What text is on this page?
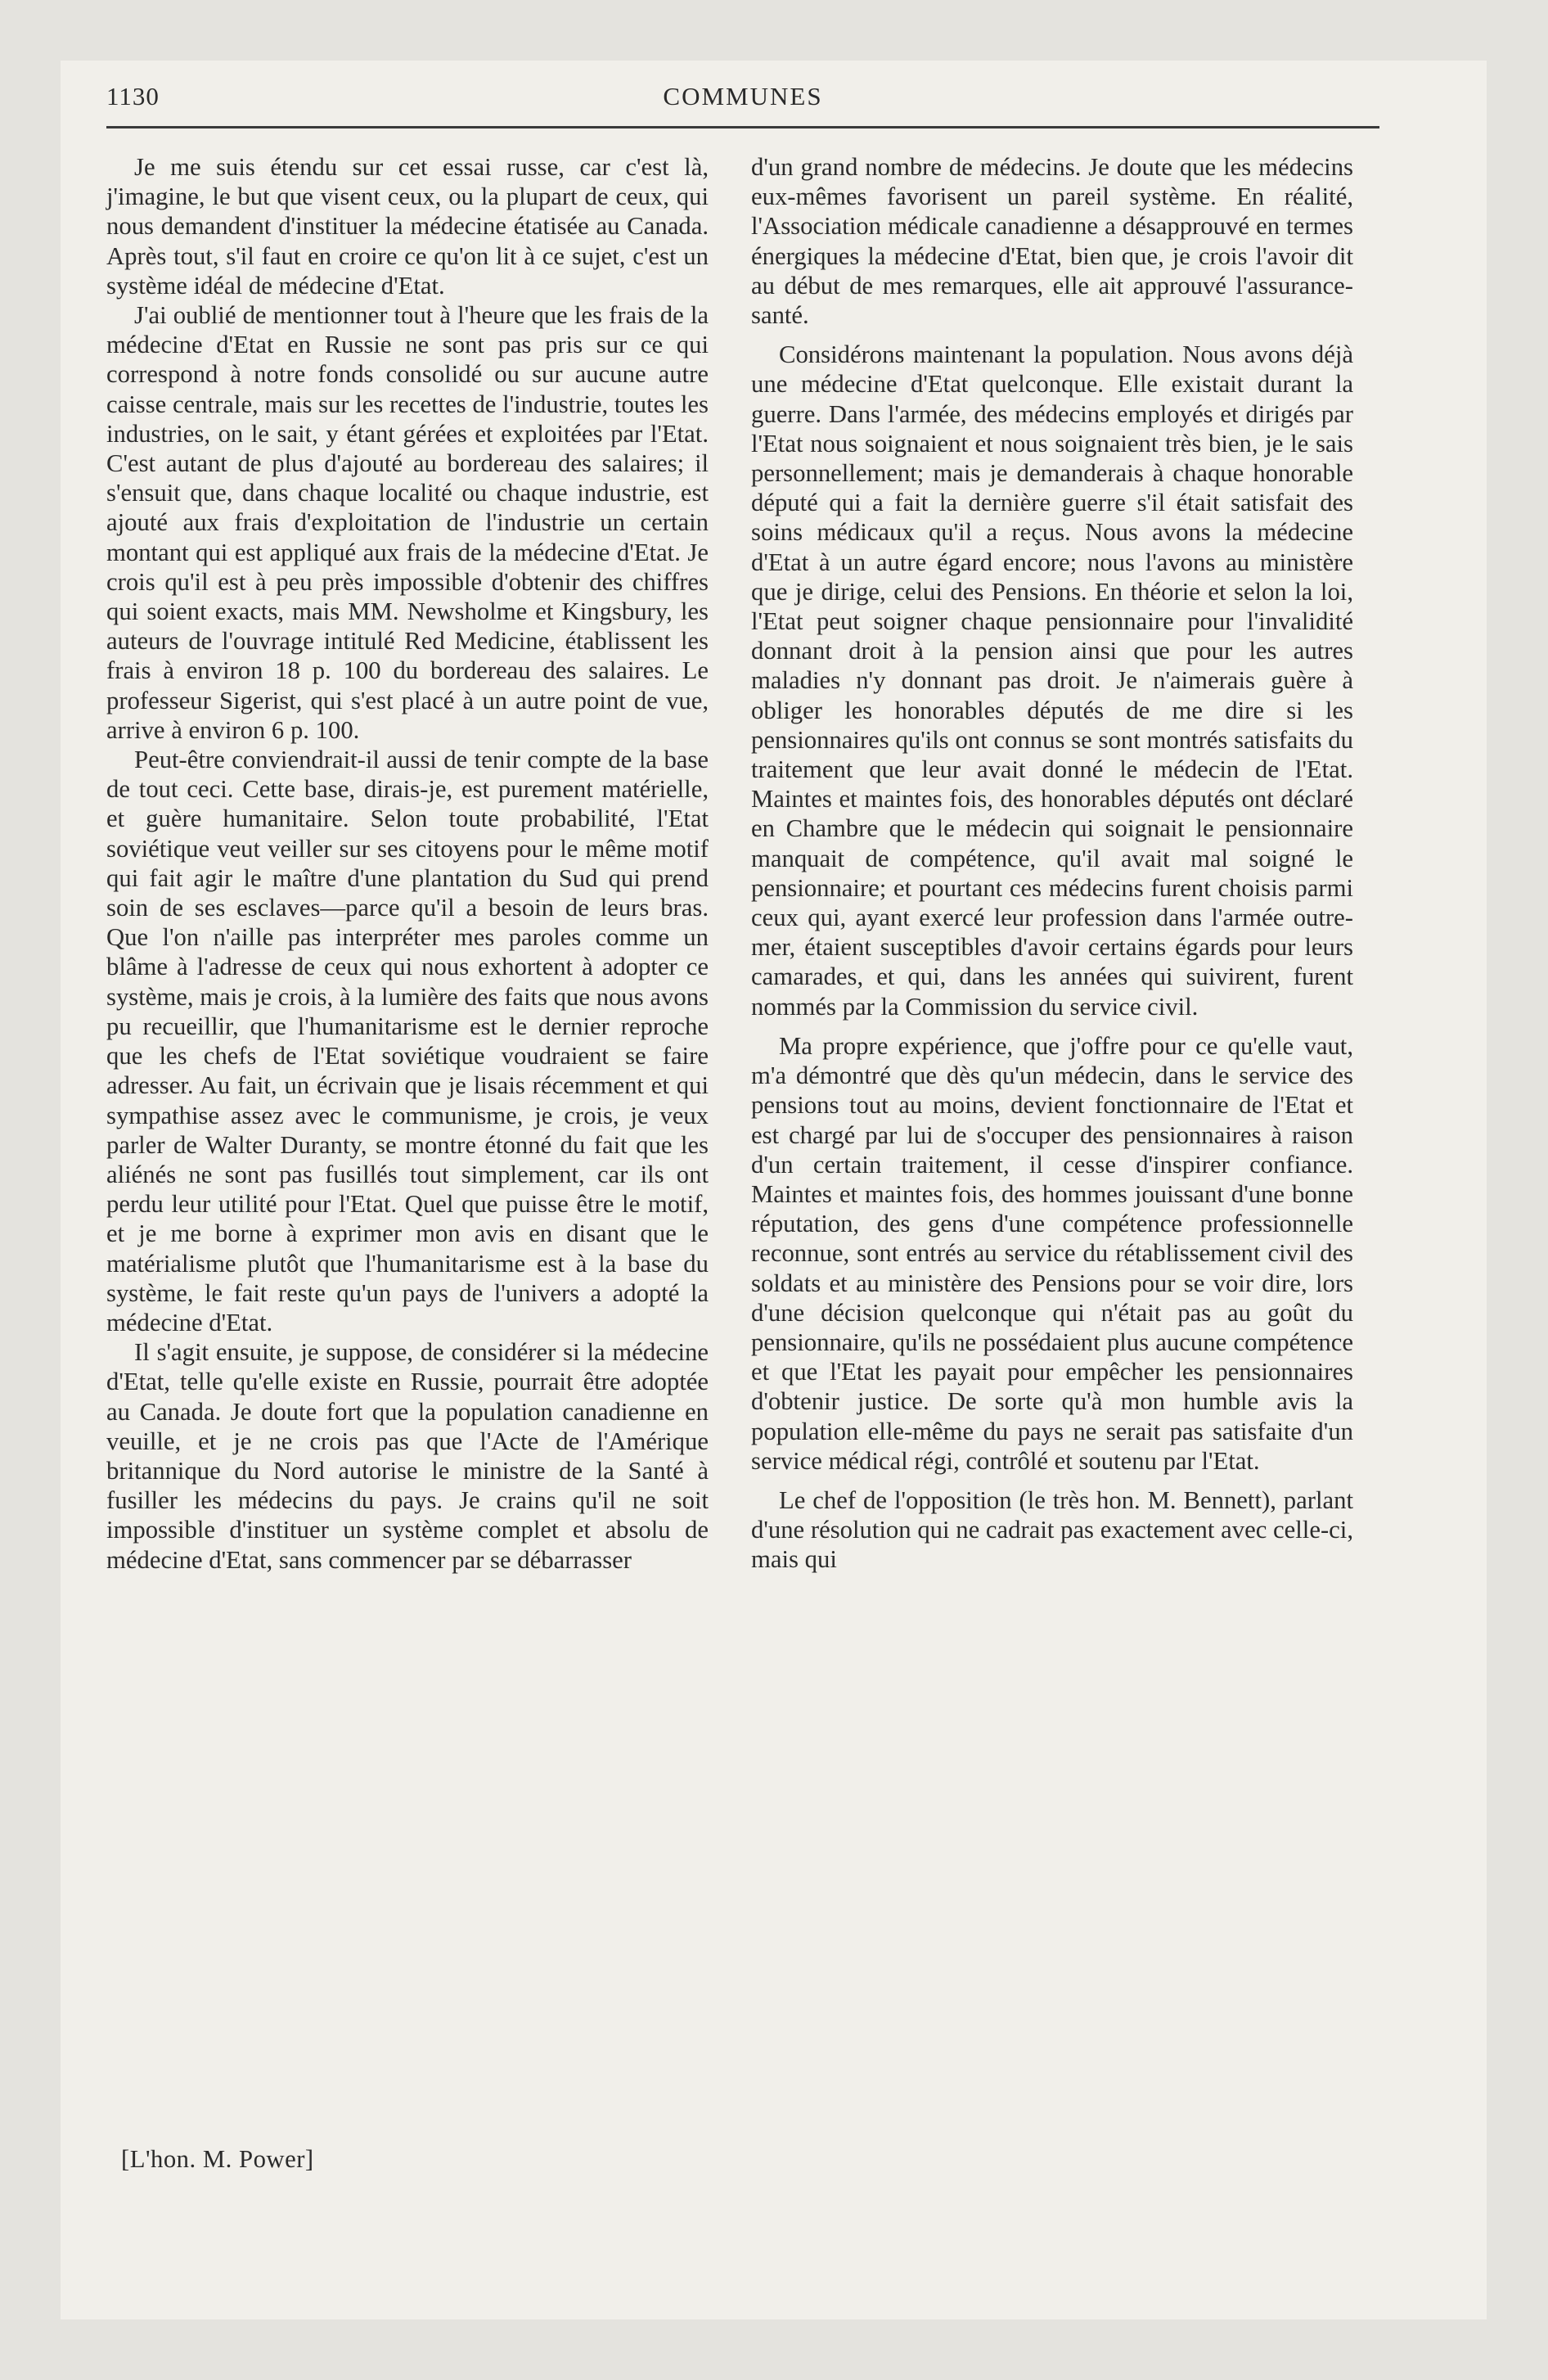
1130	COMMUNES

Je me suis étendu sur cet essai russe, car c'est là, j'imagine, le but que visent ceux, ou la plupart de ceux, qui nous demandent d'instituer la médecine étatisée au Canada. Après tout, s'il faut en croire ce qu'on lit à ce sujet, c'est un système idéal de médecine d'Etat.

J'ai oublié de mentionner tout à l'heure que les frais de la médecine d'Etat en Russie ne sont pas pris sur ce qui correspond à notre fonds consolidé ou sur aucune autre caisse centrale, mais sur les recettes de l'industrie, toutes les industries, on le sait, y étant gérées et exploitées par l'Etat. C'est autant de plus d'ajouté au bordereau des salaires; il s'ensuit que, dans chaque localité ou chaque industrie, est ajouté aux frais d'exploitation de l'industrie un certain montant qui est appliqué aux frais de la médecine d'Etat. Je crois qu'il est à peu près impossible d'obtenir des chiffres qui soient exacts, mais MM. Newsholme et Kingsbury, les auteurs de l'ouvrage intitulé Red Medicine, établissent les frais à environ 18 p. 100 du bordereau des salaires. Le professeur Sigerist, qui s'est placé à un autre point de vue, arrive à environ 6 p. 100.

Peut-être conviendrait-il aussi de tenir compte de la base de tout ceci. Cette base, dirais-je, est purement matérielle, et guère humanitaire. Selon toute probabilité, l'Etat soviétique veut veiller sur ses citoyens pour le même motif qui fait agir le maître d'une plantation du Sud qui prend soin de ses esclaves—parce qu'il a besoin de leurs bras. Que l'on n'aille pas interpréter mes paroles comme un blâme à l'adresse de ceux qui nous exhortent à adopter ce système, mais je crois, à la lumière des faits que nous avons pu recueillir, que l'humanitarisme est le dernier reproche que les chefs de l'Etat soviétique voudraient se faire adresser. Au fait, un écrivain que je lisais récemment et qui sympathise assez avec le communisme, je crois, je veux parler de Walter Duranty, se montre étonné du fait que les aliénés ne sont pas fusillés tout simplement, car ils ont perdu leur utilité pour l'Etat. Quel que puisse être le motif, et je me borne à exprimer mon avis en disant que le matérialisme plutôt que l'humanitarisme est à la base du système, le fait reste qu'un pays de l'univers a adopté la médecine d'Etat.

Il s'agit ensuite, je suppose, de considérer si la médecine d'Etat, telle qu'elle existe en Russie, pourrait être adoptée au Canada. Je doute fort que la population canadienne en veuille, et je ne crois pas que l'Acte de l'Amérique britannique du Nord autorise le ministre de la Santé à fusiller les médecins du pays. Je crains qu'il ne soit impossible d'instituer un système complet et absolu de médecine d'Etat, sans commencer par se débarrasser

d'un grand nombre de médecins. Je doute que les médecins eux-mêmes favorisent un pareil système. En réalité, l'Association médicale canadienne a désapprouvé en termes énergiques la médecine d'Etat, bien que, je crois l'avoir dit au début de mes remarques, elle ait approuvé l'assurance-santé.

Considérons maintenant la population. Nous avons déjà une médecine d'Etat quelconque. Elle existait durant la guerre. Dans l'armée, des médecins employés et dirigés par l'Etat nous soignaient et nous soignaient très bien, je le sais personnellement; mais je demanderais à chaque honorable député qui a fait la dernière guerre s'il était satisfait des soins médicaux qu'il a reçus. Nous avons la médecine d'Etat à un autre égard encore; nous l'avons au ministère que je dirige, celui des Pensions. En théorie et selon la loi, l'Etat peut soigner chaque pensionnaire pour l'invalidité donnant droit à la pension ainsi que pour les autres maladies n'y donnant pas droit. Je n'aimerais guère à obliger les honorables députés de me dire si les pensionnaires qu'ils ont connus se sont montrés satisfaits du traitement que leur avait donné le médecin de l'Etat. Maintes et maintes fois, des honorables députés ont déclaré en Chambre que le médecin qui soignait le pensionnaire manquait de compétence, qu'il avait mal soigné le pensionnaire; et pourtant ces médecins furent choisis parmi ceux qui, ayant exercé leur profession dans l'armée outre-mer, étaient susceptibles d'avoir certains égards pour leurs camarades, et qui, dans les années qui suivirent, furent nommés par la Commission du service civil.

Ma propre expérience, que j'offre pour ce qu'elle vaut, m'a démontré que dès qu'un médecin, dans le service des pensions tout au moins, devient fonctionnaire de l'Etat et est chargé par lui de s'occuper des pensionnaires à raison d'un certain traitement, il cesse d'inspirer confiance. Maintes et maintes fois, des hommes jouissant d'une bonne réputation, des gens d'une compétence professionnelle reconnue, sont entrés au service du rétablissement civil des soldats et au ministère des Pensions pour se voir dire, lors d'une décision quelconque qui n'était pas au goût du pensionnaire, qu'ils ne possédaient plus aucune compétence et que l'Etat les payait pour empêcher les pensionnaires d'obtenir justice. De sorte qu'à mon humble avis la population elle-même du pays ne serait pas satisfaite d'un service médical régi, contrôlé et soutenu par l'Etat.

Le chef de l'opposition (le très hon. M. Bennett), parlant d'une résolution qui ne cadrait pas exactement avec celle-ci, mais qui

[L'hon. M. Power]
